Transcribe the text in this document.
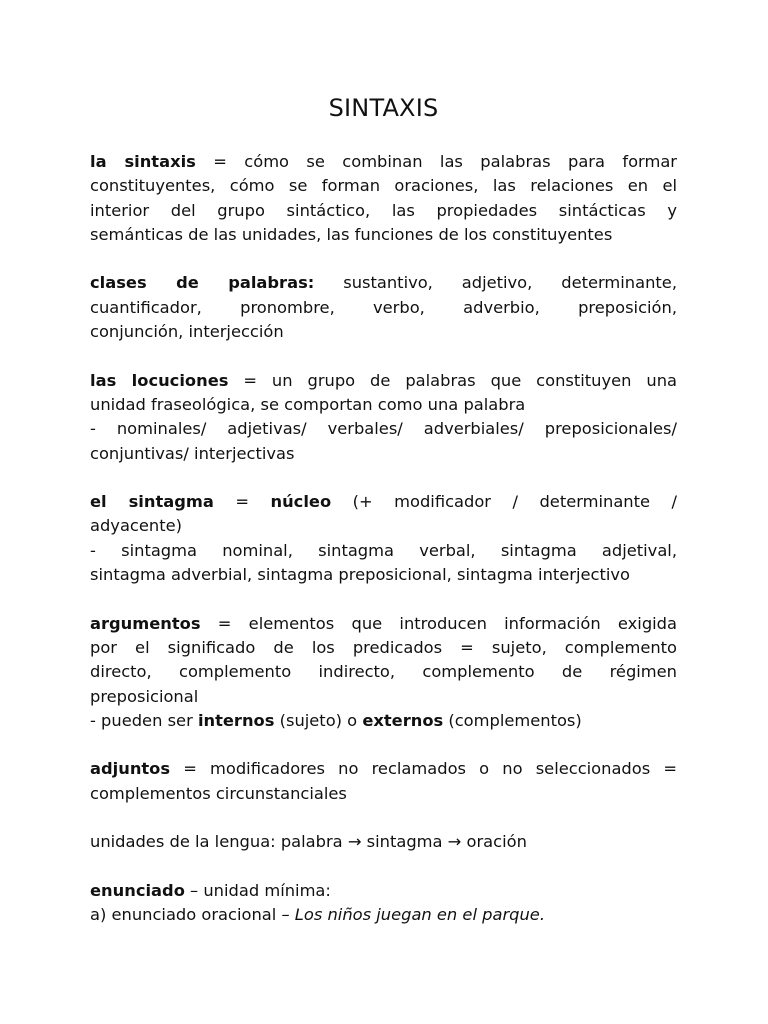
SINTAXIS
la sintaxis = cómo se combinan las palabras para formar
constituyentes, cómo se forman oraciones, las relaciones en el
interior del grupo sintáctico, las propiedades sintácticas y
semánticas de las unidades, las funciones de los constituyentes
clases de palabras: sustantivo, adjetivo, determinante,
cuantificador, pronombre, verbo, adverbio, preposición,
conjunción, interjección
las locuciones = un grupo de palabras que constituyen una
unidad fraseológica, se comportan como una palabra
- nominales/ adjetivas/ verbales/ adverbiales/ preposicionales/
conjuntivas/ interjectivas
el sintagma = núcleo (+ modificador / determinante /
adyacente)
- sintagma nominal, sintagma verbal, sintagma adjetival,
sintagma adverbial, sintagma preposicional, sintagma interjectivo
argumentos = elementos que introducen información exigida
por el significado de los predicados = sujeto, complemento
directo, complemento indirecto, complemento de régimen
preposicional
- pueden ser internos (sujeto) o externos (complementos)
adjuntos = modificadores no reclamados o no seleccionados =
complementos circunstanciales
unidades de la lengua: palabra → sintagma → oración
enunciado – unidad mínima:
a) enunciado oracional – Los niños juegan en el parque.
